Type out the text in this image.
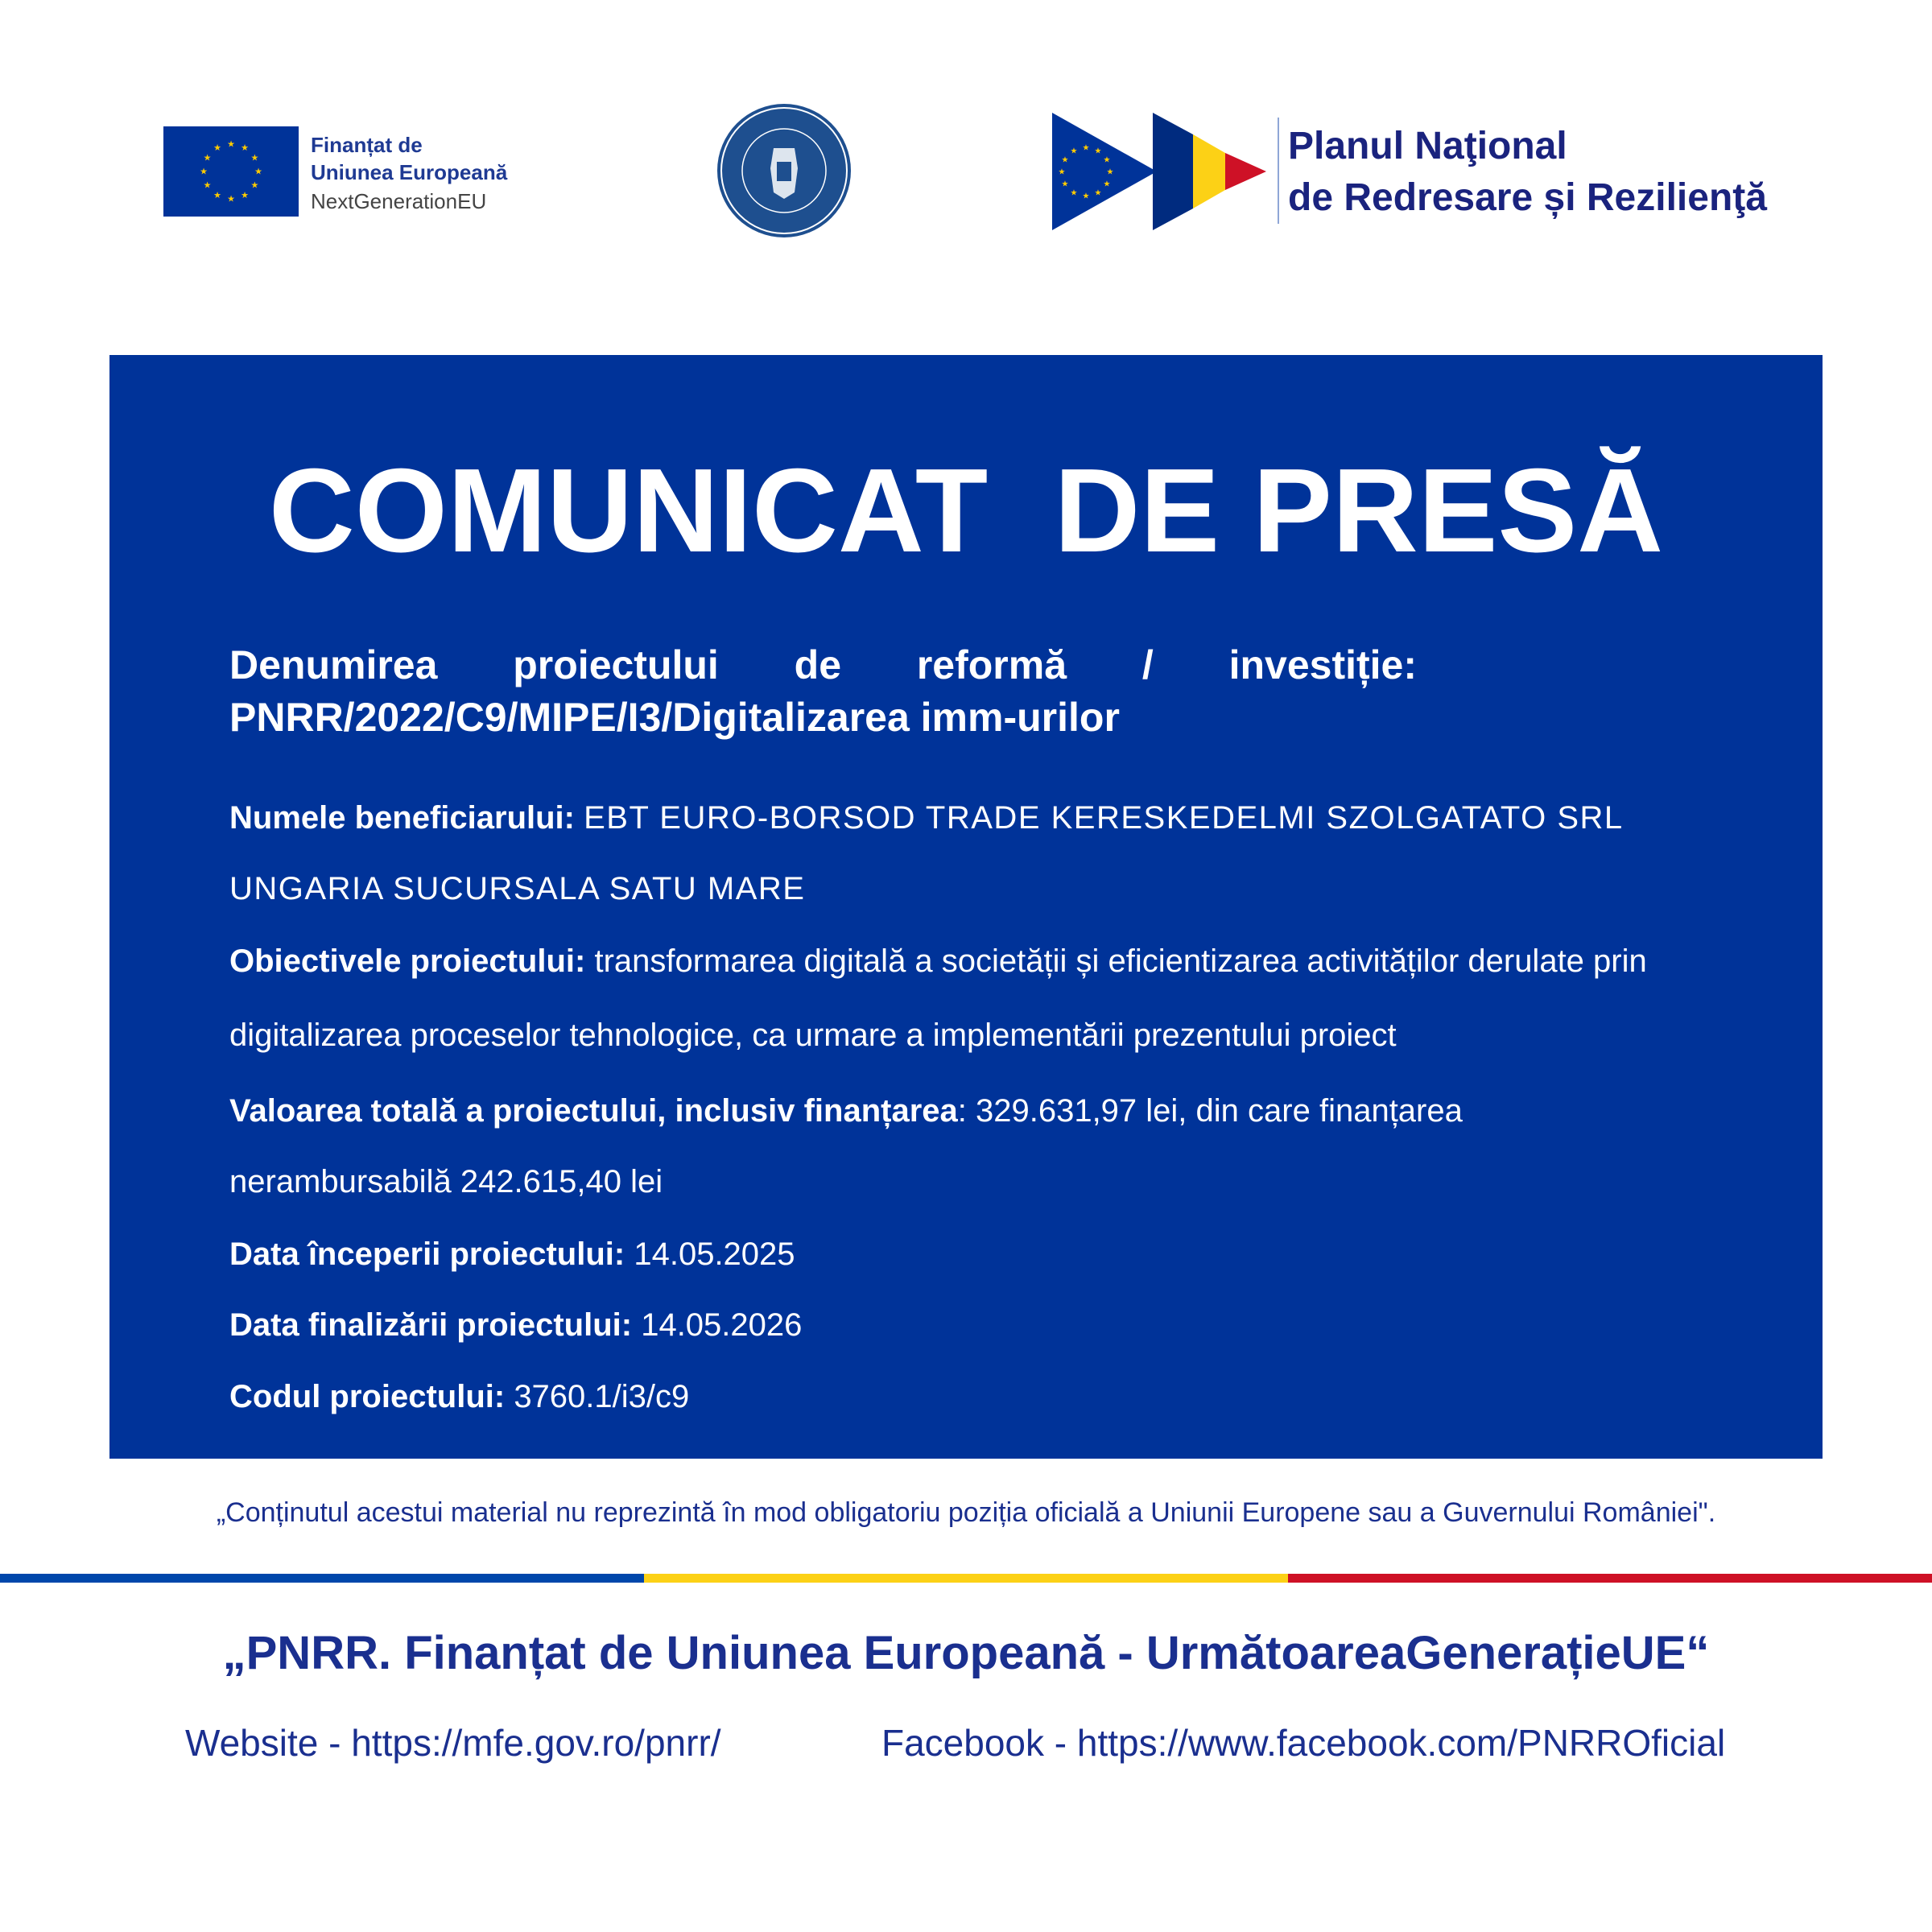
★
★
★
★
★
★
★
★
★ ★ ★
★
Finanțat de
Uniunea Europeană
NextGenerationEU
★
★
★
★
★
★
★
★
★ ★ ★
★	Planul Naţional
de Redresare și Rezilienţă
COMUNICAT  DE PRESĂ
Denumirea proiectului de reformă / investiție:
PNRR/2022/C9/MIPE/I3/Digitalizarea imm-urilor
Numele beneficiarului: EBT EURO-BORSOD TRADE KERESKEDELMI SZOLGATATO SRL
UNGARIA SUCURSALA SATU MARE
Obiectivele proiectului: transformarea digitală a societății și eficientizarea activităților derulate prin
digitalizarea proceselor tehnologice, ca urmare a implementării prezentului proiect
Valoarea totală a proiectului, inclusiv finanțarea: 329.631,97 lei, din care finanțarea
nerambursabilă 242.615,40 lei
Data începerii proiectului: 14.05.2025
Data finalizării proiectului: 14.05.2026
Codul proiectului: 3760.1/i3/c9
„Conținutul acestui material nu reprezintă în mod obligatoriu poziția oficială a Uniunii Europene sau a Guvernului României".
„PNRR. Finanțat de Uniunea Europeană - UrmătoareaGenerațieUE“
Website - https://mfe.gov.ro/pnrr/	Facebook - https://www.facebook.com/PNRROficial
